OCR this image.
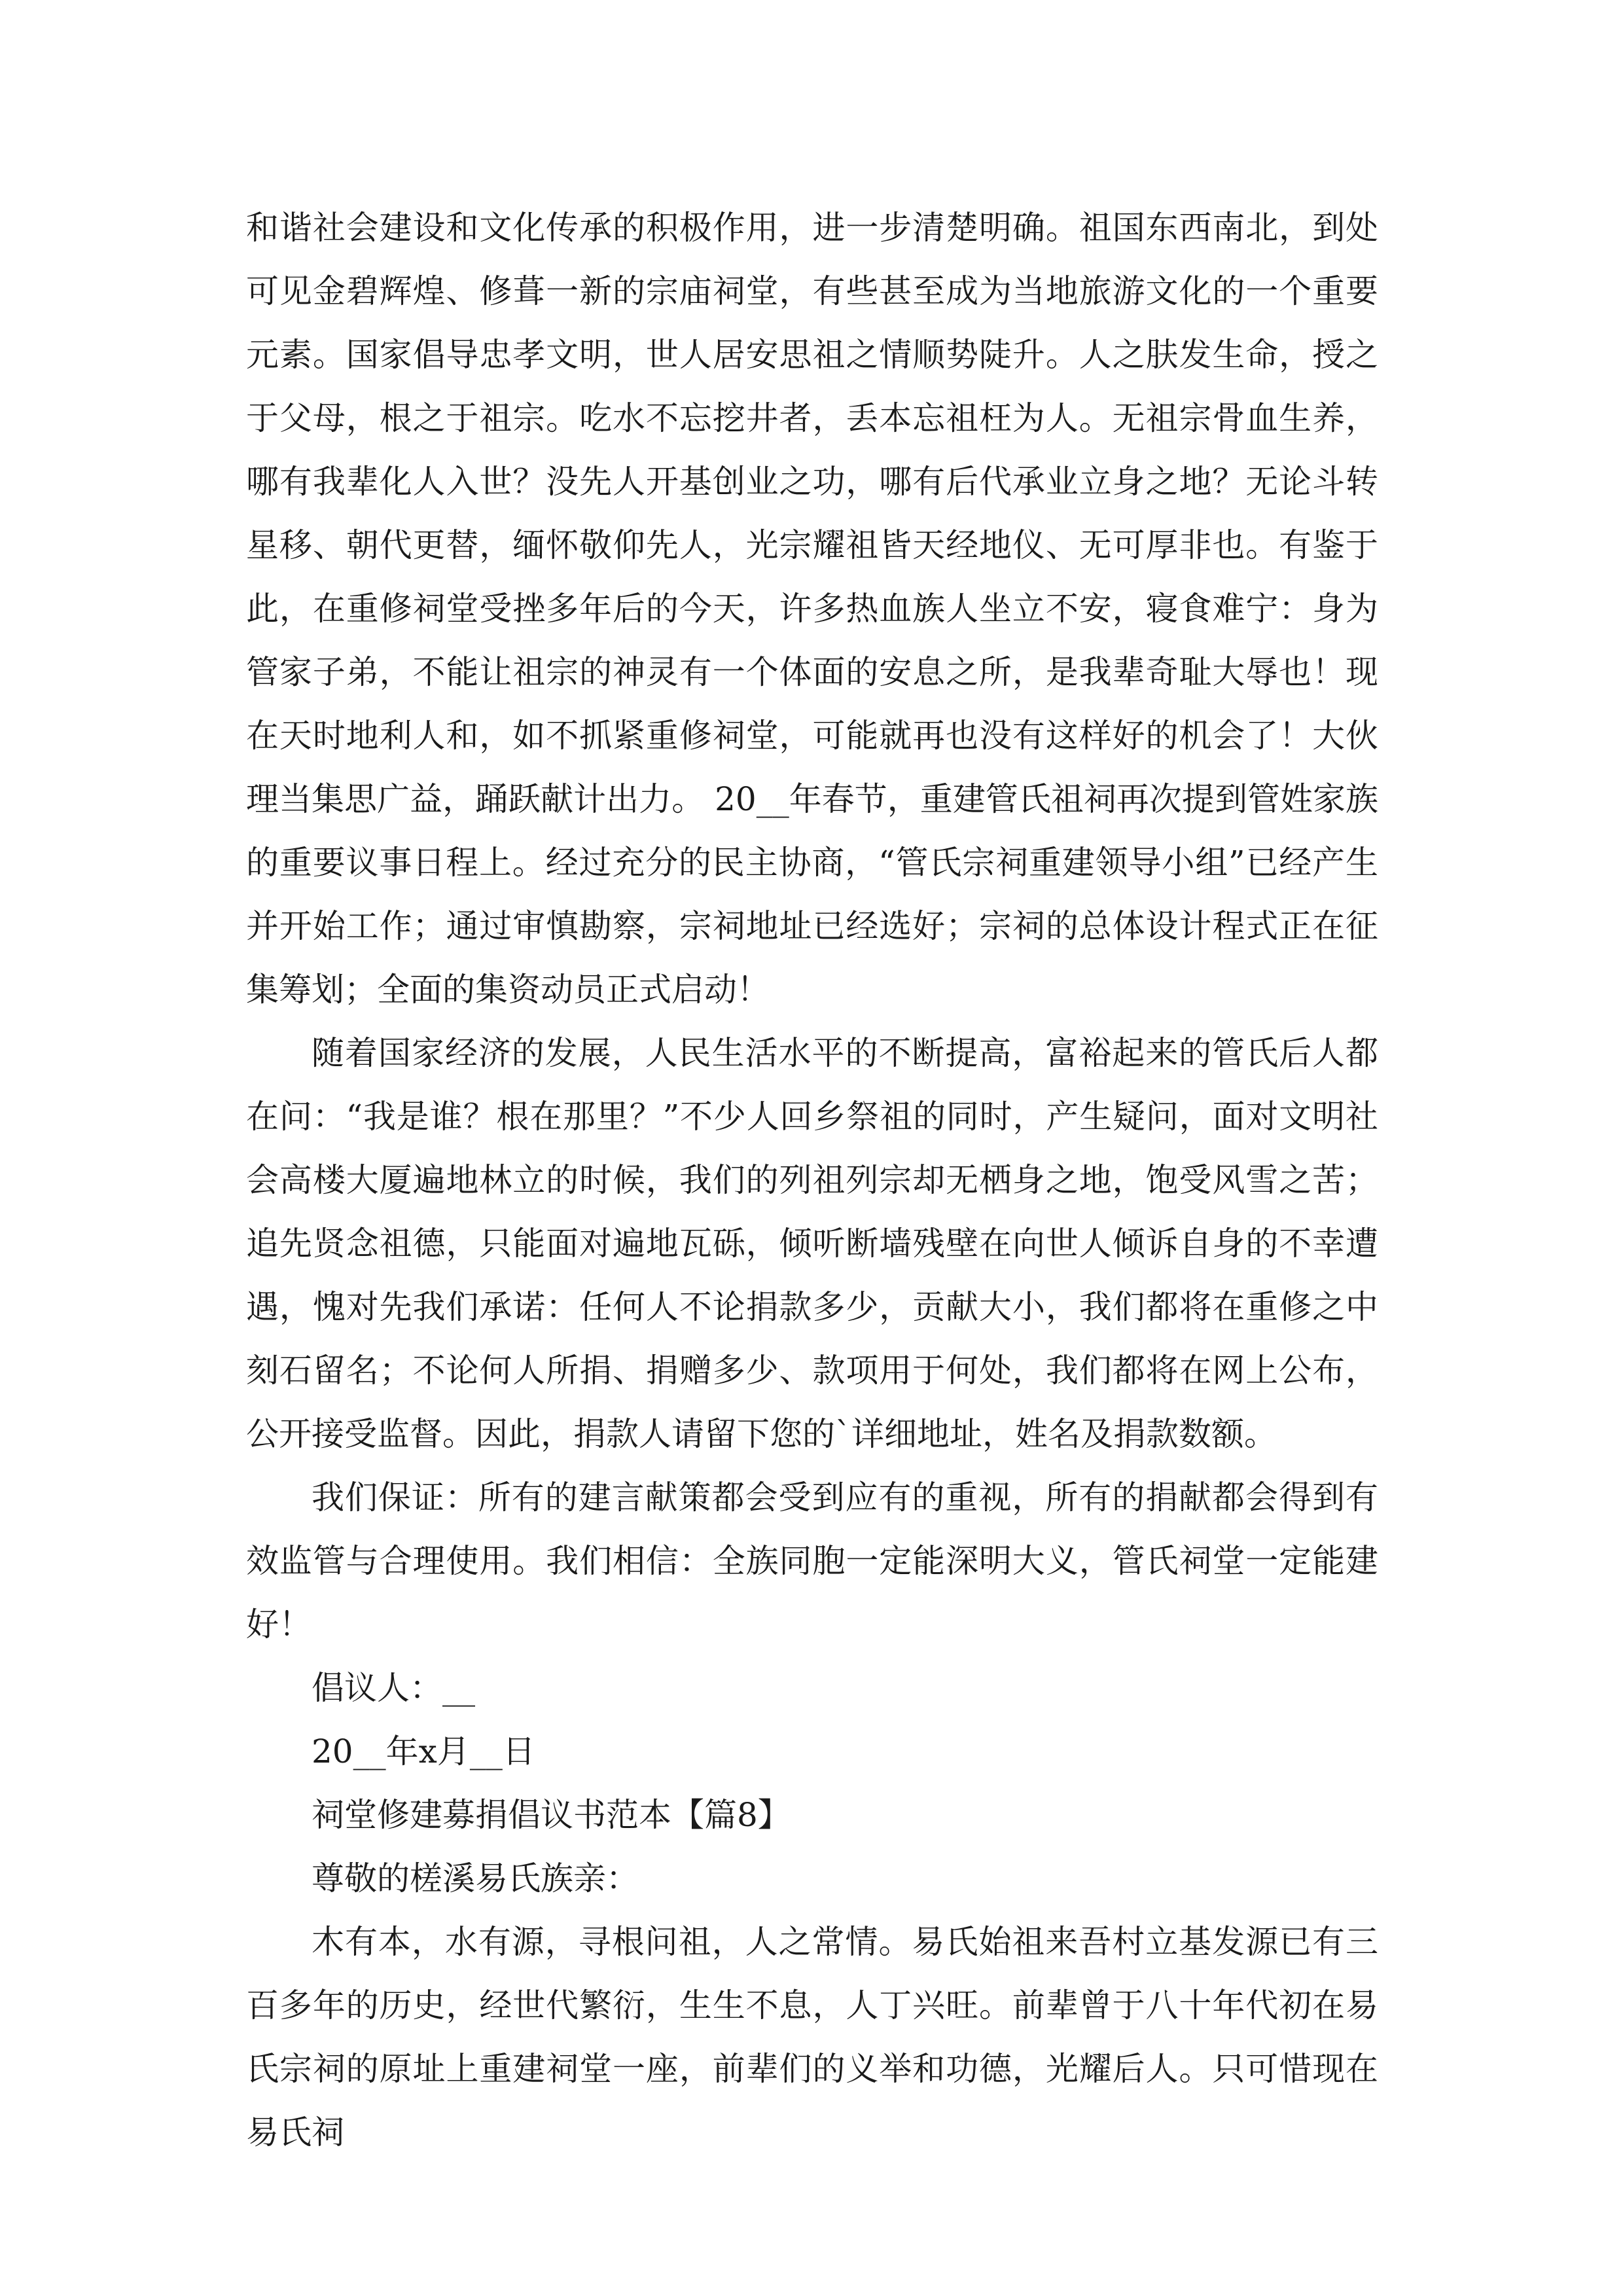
和谐社会建设和文化传承的积极作用，进一步清楚明确。祖国东西南北，到处可见金碧辉煌、修葺一新的宗庙祠堂，有些甚至成为当地旅游文化的一个重要元素。国家倡导忠孝文明，世人居安思祖之情顺势陡升。人之肤发生命，授之于父母，根之于祖宗。吃水不忘挖井者，丢本忘祖枉为人。无祖宗骨血生养，哪有我辈化人入世？没先人开基创业之功，哪有后代承业立身之地？无论斗转星移、朝代更替，缅怀敬仰先人，光宗耀祖皆天经地仪、无可厚非也。有鉴于此，在重修祠堂受挫多年后的今天，许多热血族人坐立不安，寝食难宁：身为管家子弟，不能让祖宗的神灵有一个体面的安息之所，是我辈奇耻大辱也！现在天时地利人和，如不抓紧重修祠堂，可能就再也没有这样好的机会了！大伙理当集思广益，踊跃献计出力。 20__年春节，重建管氏祖祠再次提到管姓家族的重要议事日程上。经过充分的民主协商，“管氏宗祠重建领导小组”已经产生并开始工作；通过审慎勘察，宗祠地址已经选好；宗祠的总体设计程式正在征集筹划；全面的集资动员正式启动！

随着国家经济的发展，人民生活水平的不断提高，富裕起来的管氏后人都在问：“我是谁？根在那里？”不少人回乡祭祖的同时，产生疑问，面对文明社会高楼大厦遍地林立的时候，我们的列祖列宗却无栖身之地，饱受风雪之苦；追先贤念祖德，只能面对遍地瓦砾，倾听断墙残壁在向世人倾诉自身的不幸遭遇，愧对先我们承诺：任何人不论捐款多少，贡献大小，我们都将在重修之中刻石留名；不论何人所捐、捐赠多少、款项用于何处，我们都将在网上公布，公开接受监督。因此，捐款人请留下您的`详细地址，姓名及捐款数额。

我们保证：所有的建言献策都会受到应有的重视，所有的捐献都会得到有效监管与合理使用。我们相信：全族同胞一定能深明大义，管氏祠堂一定能建好！

倡议人：__

20__年x月__日

祠堂修建募捐倡议书范本【篇8】

尊敬的槎溪易氏族亲：

木有本，水有源，寻根问祖，人之常情。易氏始祖来吾村立基发源已有三百多年的历史，经世代繁衍，生生不息，人丁兴旺。前辈曾于八十年代初在易氏宗祠的原址上重建祠堂一座，前辈们的义举和功德，光耀后人。只可惜现在易氏祠
